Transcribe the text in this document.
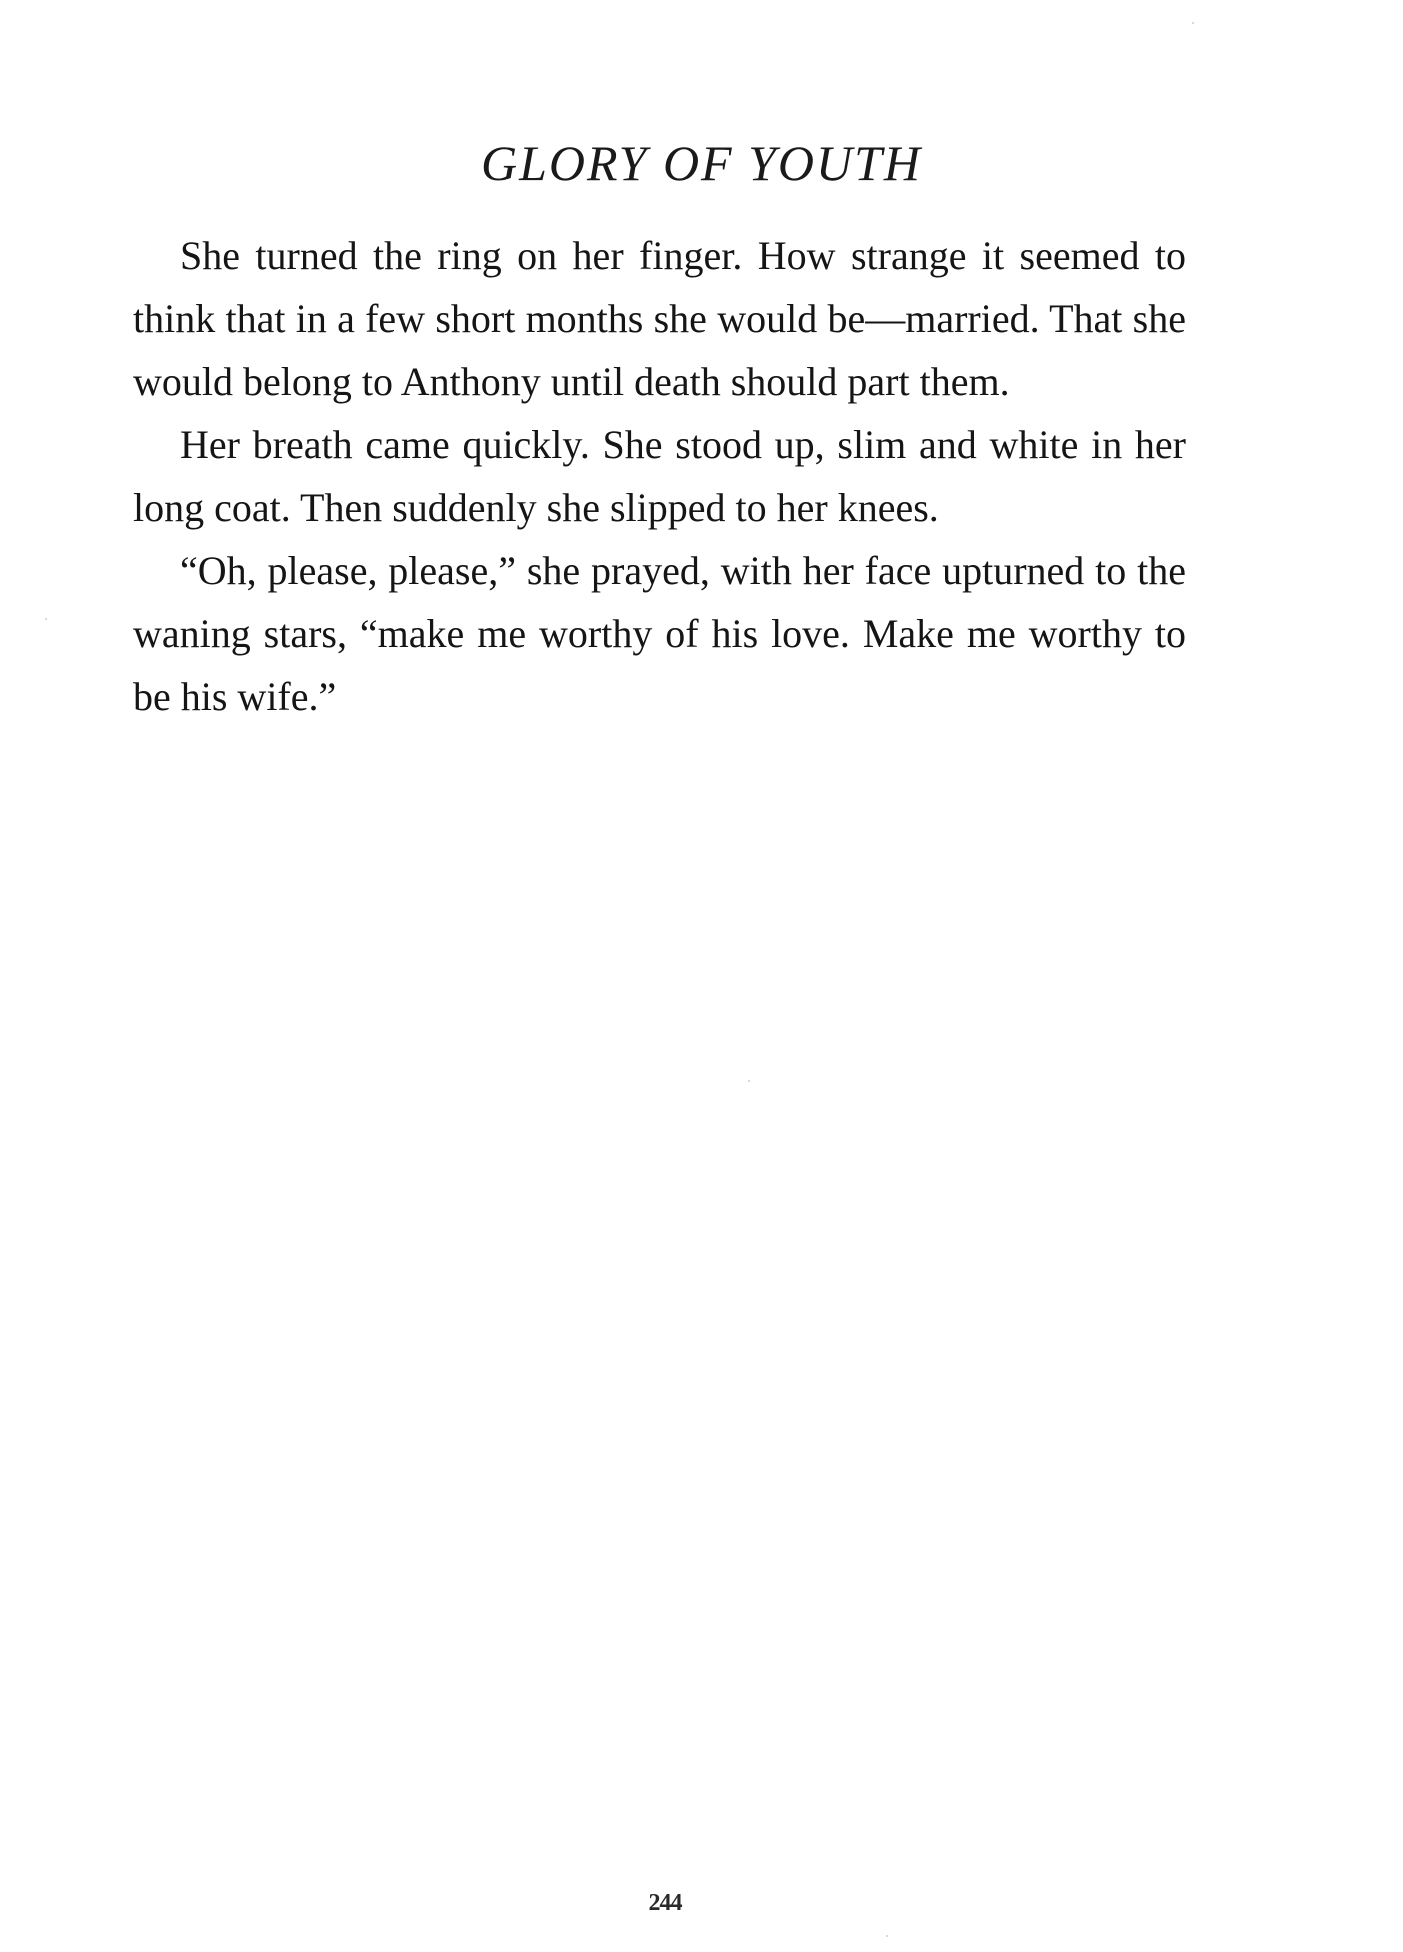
GLORY OF YOUTH

She turned the ring on her finger. How strange it seemed to think that in a few short months she would be—married. That she would belong to Anthony until death should part them.

Her breath came quickly. She stood up, slim and white in her long coat. Then suddenly she slipped to her knees.

“Oh, please, please,” she prayed, with her face upturned to the waning stars, “make me worthy of his love. Make me worthy to be his wife.”

244
